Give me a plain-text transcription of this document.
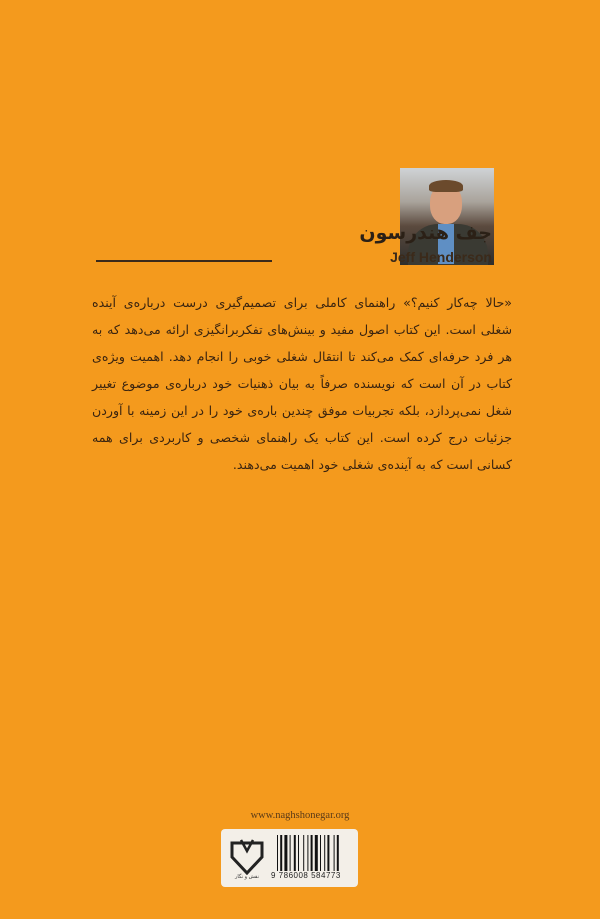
جف هندرسون
Jeff Henderson
«حالا چه‌کار کنیم؟» راهنمای کاملی برای تصمیم‌گیری درست درباره‌ی آینده شغلی است. این کتاب اصول مفید و بینش‌های تفکربرانگیزی ارائه می‌دهد که به هر فرد حرفه‌ای کمک می‌کند تا انتقال شغلی خوبی را انجام دهد. اهمیت ویژه‌ی کتاب در آن است که نویسنده صرفاً به بیان ذهنیات خود درباره‌ی موضوع تغییر شغل نمی‌پردازد، بلکه تجربیات موفق چندین باره‌ی خود را در این زمینه با آوردن جزئیات درج کرده است. این کتاب یک راهنمای شخصی و کاربردی برای همه کسانی است که به آینده‌ی شغلی خود اهمیت می‌دهند.
www.naghshonegar.org
نقش و نگار	9 786008 584773
